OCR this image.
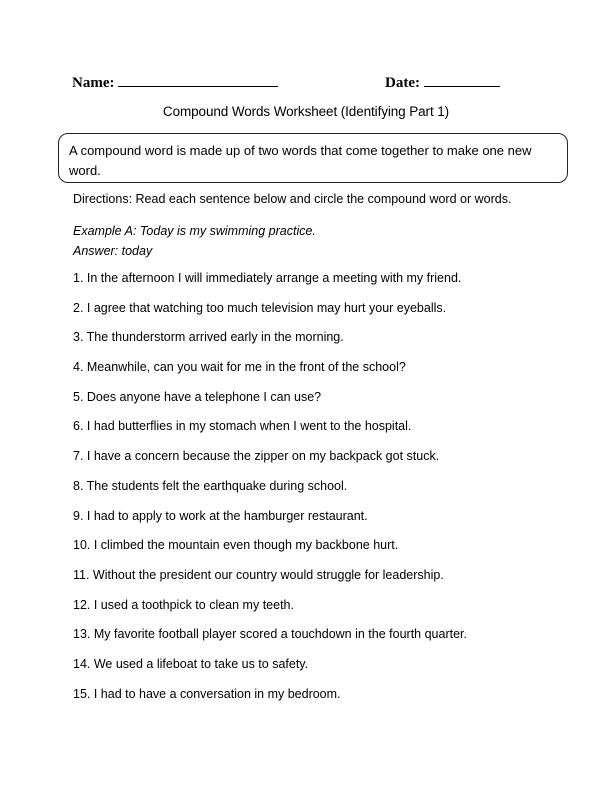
Name:	Date:
Compound Words Worksheet (Identifying Part 1)
A compound word is made up of two words that come together to make one new word.
Directions: Read each sentence below and circle the compound word or words.
Example A: Today is my swimming practice.
Answer: today
1. In the afternoon I will immediately arrange a meeting with my friend.
2. I agree that watching too much television may hurt your eyeballs.
3. The thunderstorm arrived early in the morning.
4. Meanwhile, can you wait for me in the front of the school?
5. Does anyone have a telephone I can use?
6. I had butterflies in my stomach when I went to the hospital.
7. I have a concern because the zipper on my backpack got stuck.
8. The students felt the earthquake during school.
9. I had to apply to work at the hamburger restaurant.
10. I climbed the mountain even though my backbone hurt.
11. Without the president our country would struggle for leadership.
12. I used a toothpick to clean my teeth.
13. My favorite football player scored a touchdown in the fourth quarter.
14. We used a lifeboat to take us to safety.
15. I had to have a conversation in my bedroom.
